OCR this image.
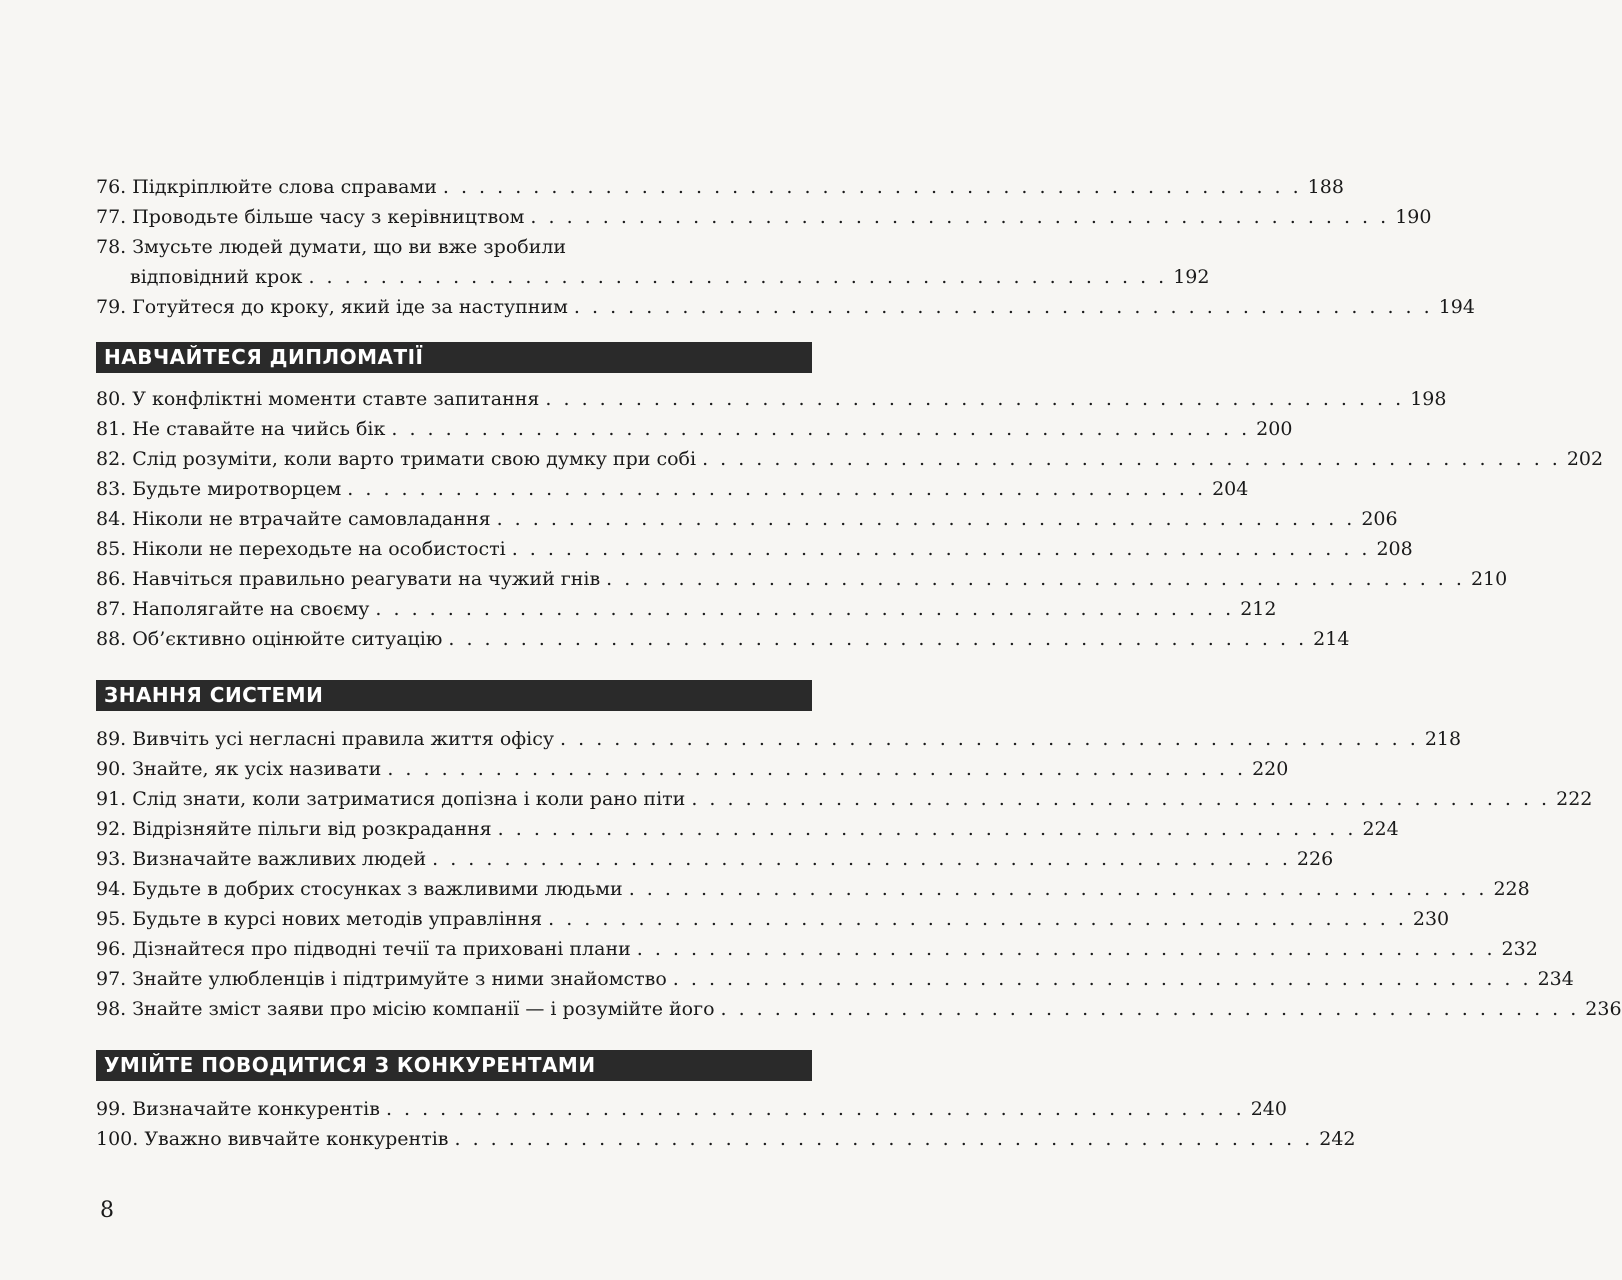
76. Підкріплюйте слова справами . . . . . . . . . . . . . . . . . . . . . . . . . . . . . . . . . . . . . . . . . . . . . . . . 188
77. Проводьте більше часу з керівництвом . . . . . . . . . . . . . . . . . . . . . . . . . . . . . . . . . . . . . . . . . . . . . . . . 190
78. Змусьте людей думати, що ви вже зробили
відповідний крок . . . . . . . . . . . . . . . . . . . . . . . . . . . . . . . . . . . . . . . . . . . . . . . . 192
79. Готуйтеся до кроку, який іде за наступним . . . . . . . . . . . . . . . . . . . . . . . . . . . . . . . . . . . . . . . . . . . . . . . . 194
НАВЧАЙТЕСЯ ДИПЛОМАТІЇ
80. У конфліктні моменти ставте запитання . . . . . . . . . . . . . . . . . . . . . . . . . . . . . . . . . . . . . . . . . . . . . . . . 198
81. Не ставайте на чийсь бік . . . . . . . . . . . . . . . . . . . . . . . . . . . . . . . . . . . . . . . . . . . . . . . . 200
82. Слід розуміти, коли варто тримати свою думку при собі . . . . . . . . . . . . . . . . . . . . . . . . . . . . . . . . . . . . . . . . . . . . . . . . 202
83. Будьте миротворцем . . . . . . . . . . . . . . . . . . . . . . . . . . . . . . . . . . . . . . . . . . . . . . . . 204
84. Ніколи не втрачайте самовладання . . . . . . . . . . . . . . . . . . . . . . . . . . . . . . . . . . . . . . . . . . . . . . . . 206
85. Ніколи не переходьте на особистості . . . . . . . . . . . . . . . . . . . . . . . . . . . . . . . . . . . . . . . . . . . . . . . . 208
86. Навчіться правильно реагувати на чужий гнів . . . . . . . . . . . . . . . . . . . . . . . . . . . . . . . . . . . . . . . . . . . . . . . . 210
87. Наполягайте на своєму . . . . . . . . . . . . . . . . . . . . . . . . . . . . . . . . . . . . . . . . . . . . . . . . 212
88. Об’єктивно оцінюйте ситуацію . . . . . . . . . . . . . . . . . . . . . . . . . . . . . . . . . . . . . . . . . . . . . . . . 214
ЗНАННЯ СИСТЕМИ
89. Вивчіть усі негласні правила життя офісу . . . . . . . . . . . . . . . . . . . . . . . . . . . . . . . . . . . . . . . . . . . . . . . . 218
90. Знайте, як усіх називати . . . . . . . . . . . . . . . . . . . . . . . . . . . . . . . . . . . . . . . . . . . . . . . . 220
91. Слід знати, коли затриматися допізна і коли рано піти . . . . . . . . . . . . . . . . . . . . . . . . . . . . . . . . . . . . . . . . . . . . . . . . 222
92. Відрізняйте пільги від розкрадання . . . . . . . . . . . . . . . . . . . . . . . . . . . . . . . . . . . . . . . . . . . . . . . . 224
93. Визначайте важливих людей . . . . . . . . . . . . . . . . . . . . . . . . . . . . . . . . . . . . . . . . . . . . . . . . 226
94. Будьте в добрих стосунках з важливими людьми . . . . . . . . . . . . . . . . . . . . . . . . . . . . . . . . . . . . . . . . . . . . . . . . 228
95. Будьте в курсі нових методів управління . . . . . . . . . . . . . . . . . . . . . . . . . . . . . . . . . . . . . . . . . . . . . . . . 230
96. Дізнайтеся про підводні течії та приховані плани . . . . . . . . . . . . . . . . . . . . . . . . . . . . . . . . . . . . . . . . . . . . . . . . 232
97. Знайте улюбленців і підтримуйте з ними знайомство . . . . . . . . . . . . . . . . . . . . . . . . . . . . . . . . . . . . . . . . . . . . . . . . 234
98. Знайте зміст заяви про місію компанії — і розумійте його . . . . . . . . . . . . . . . . . . . . . . . . . . . . . . . . . . . . . . . . . . . . . . . . 236
УМІЙТЕ ПОВОДИТИСЯ З КОНКУРЕНТАМИ
99. Визначайте конкурентів . . . . . . . . . . . . . . . . . . . . . . . . . . . . . . . . . . . . . . . . . . . . . . . . 240
100. Уважно вивчайте конкурентів . . . . . . . . . . . . . . . . . . . . . . . . . . . . . . . . . . . . . . . . . . . . . . . . 242
8
